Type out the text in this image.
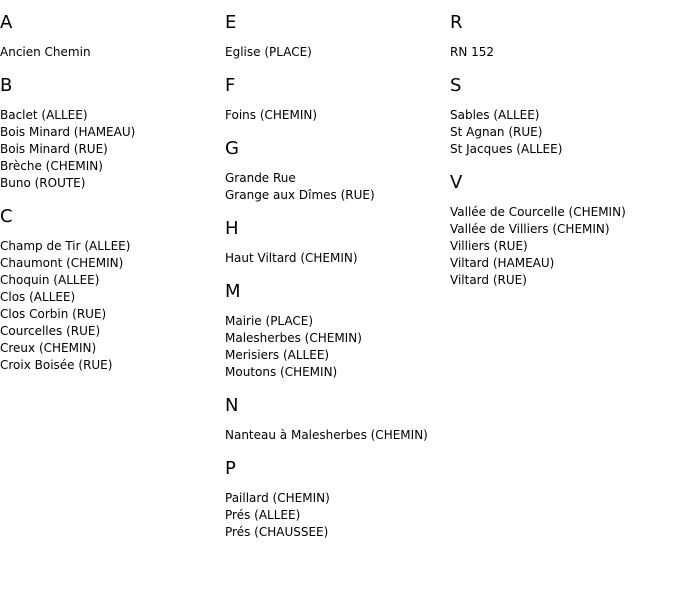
A
Ancien Chemin
B
Baclet (ALLEE)
Bois Minard (HAMEAU)
Bois Minard (RUE)
Brèche (CHEMIN)
Buno (ROUTE)
C
Champ de Tir (ALLEE)
Chaumont (CHEMIN)
Choquin (ALLEE)
Clos (ALLEE)
Clos Corbin (RUE)
Courcelles (RUE)
Creux (CHEMIN)
Croix Boisée (RUE)
E
Eglise (PLACE)
F
Foins (CHEMIN)
G
Grande Rue
Grange aux Dîmes (RUE)
H
Haut Viltard (CHEMIN)
M
Mairie (PLACE)
Malesherbes (CHEMIN)
Merisiers (ALLEE)
Moutons (CHEMIN)
N
Nanteau à Malesherbes (CHEMIN)
P
Paillard (CHEMIN)
Prés (ALLEE)
Prés (CHAUSSEE)
R
RN 152
S
Sables (ALLEE)
St Agnan (RUE)
St Jacques (ALLEE)
V
Vallée de Courcelle (CHEMIN)
Vallée de Villiers (CHEMIN)
Villiers (RUE)
Viltard (HAMEAU)
Viltard (RUE)
